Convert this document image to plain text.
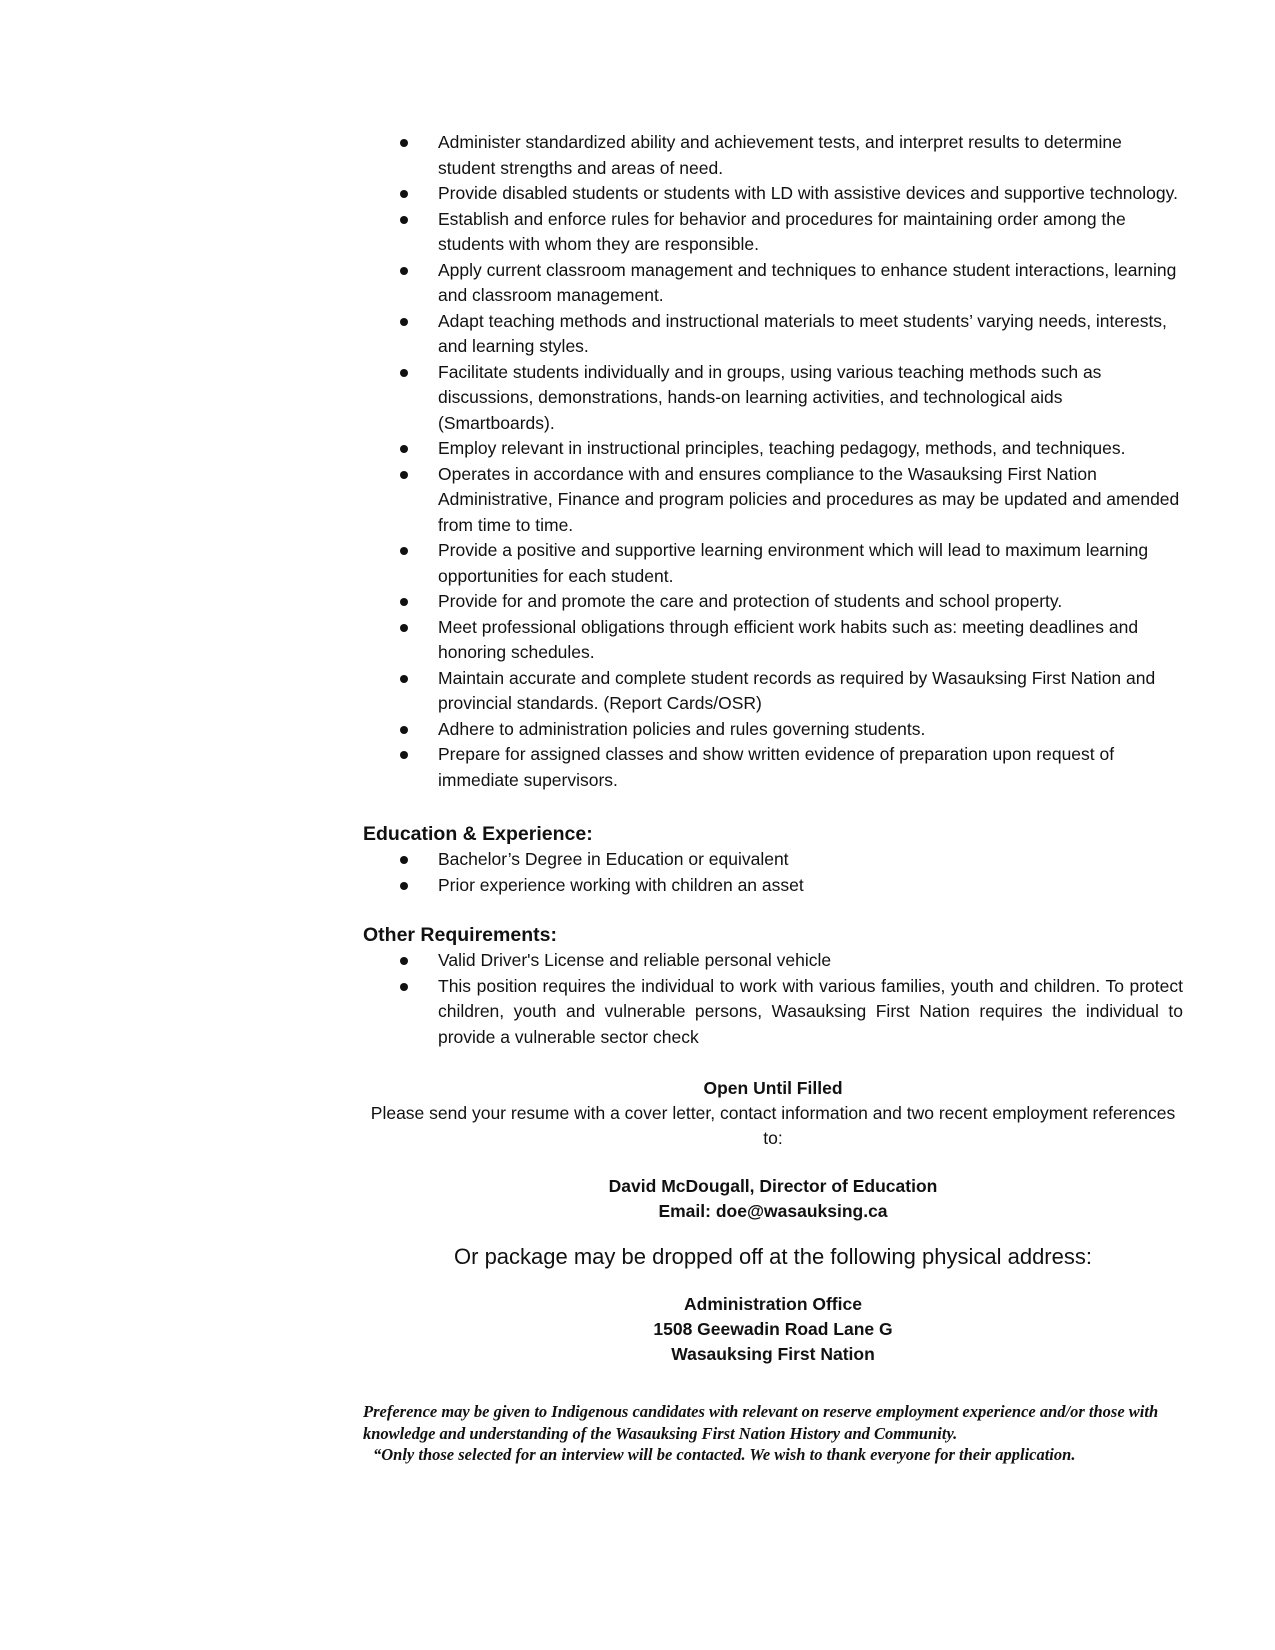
Administer standardized ability and achievement tests, and interpret results to determine student strengths and areas of need.
Provide disabled students or students with LD with assistive devices and supportive technology.
Establish and enforce rules for behavior and procedures for maintaining order among the students with whom they are responsible.
Apply current classroom management and techniques to enhance student interactions, learning and classroom management.
Adapt teaching methods and instructional materials to meet students’ varying needs, interests, and learning styles.
Facilitate students individually and in groups, using various teaching methods such as discussions, demonstrations, hands-on learning activities, and technological aids (Smartboards).
Employ relevant in instructional principles, teaching pedagogy, methods, and techniques.
Operates in accordance with and ensures compliance to the Wasauksing First Nation Administrative, Finance and program policies and procedures as may be updated and amended from time to time.
Provide a positive and supportive learning environment which will lead to maximum learning opportunities for each student.
Provide for and promote the care and protection of students and school property.
Meet professional obligations through efficient work habits such as: meeting deadlines and honoring schedules.
Maintain accurate and complete student records as required by Wasauksing First Nation and provincial standards. (Report Cards/OSR)
Adhere to administration policies and rules governing students.
Prepare for assigned classes and show written evidence of preparation upon request of immediate supervisors.

Education & Experience:

Bachelor’s Degree in Education or equivalent
Prior experience working with children an asset

Other Requirements:

Valid Driver's License and reliable personal vehicle
This position requires the individual to work with various families, youth and children. To protect children, youth and vulnerable persons, Wasauksing First Nation requires the individual to provide a vulnerable sector check
Open Until Filled
Please send your resume with a cover letter, contact information and two recent employment references to:
David McDougall, Director of Education
Email: doe@wasauksing.ca
Or package may be dropped off at the following physical address:
Administration Office
1508 Geewadin Road Lane G
Wasauksing First Nation
Preference may be given to Indigenous candidates with relevant on reserve employment experience and/or those with knowledge and understanding of the Wasauksing First Nation History and Community.
“Only those selected for an interview will be contacted. We wish to thank everyone for their application.
